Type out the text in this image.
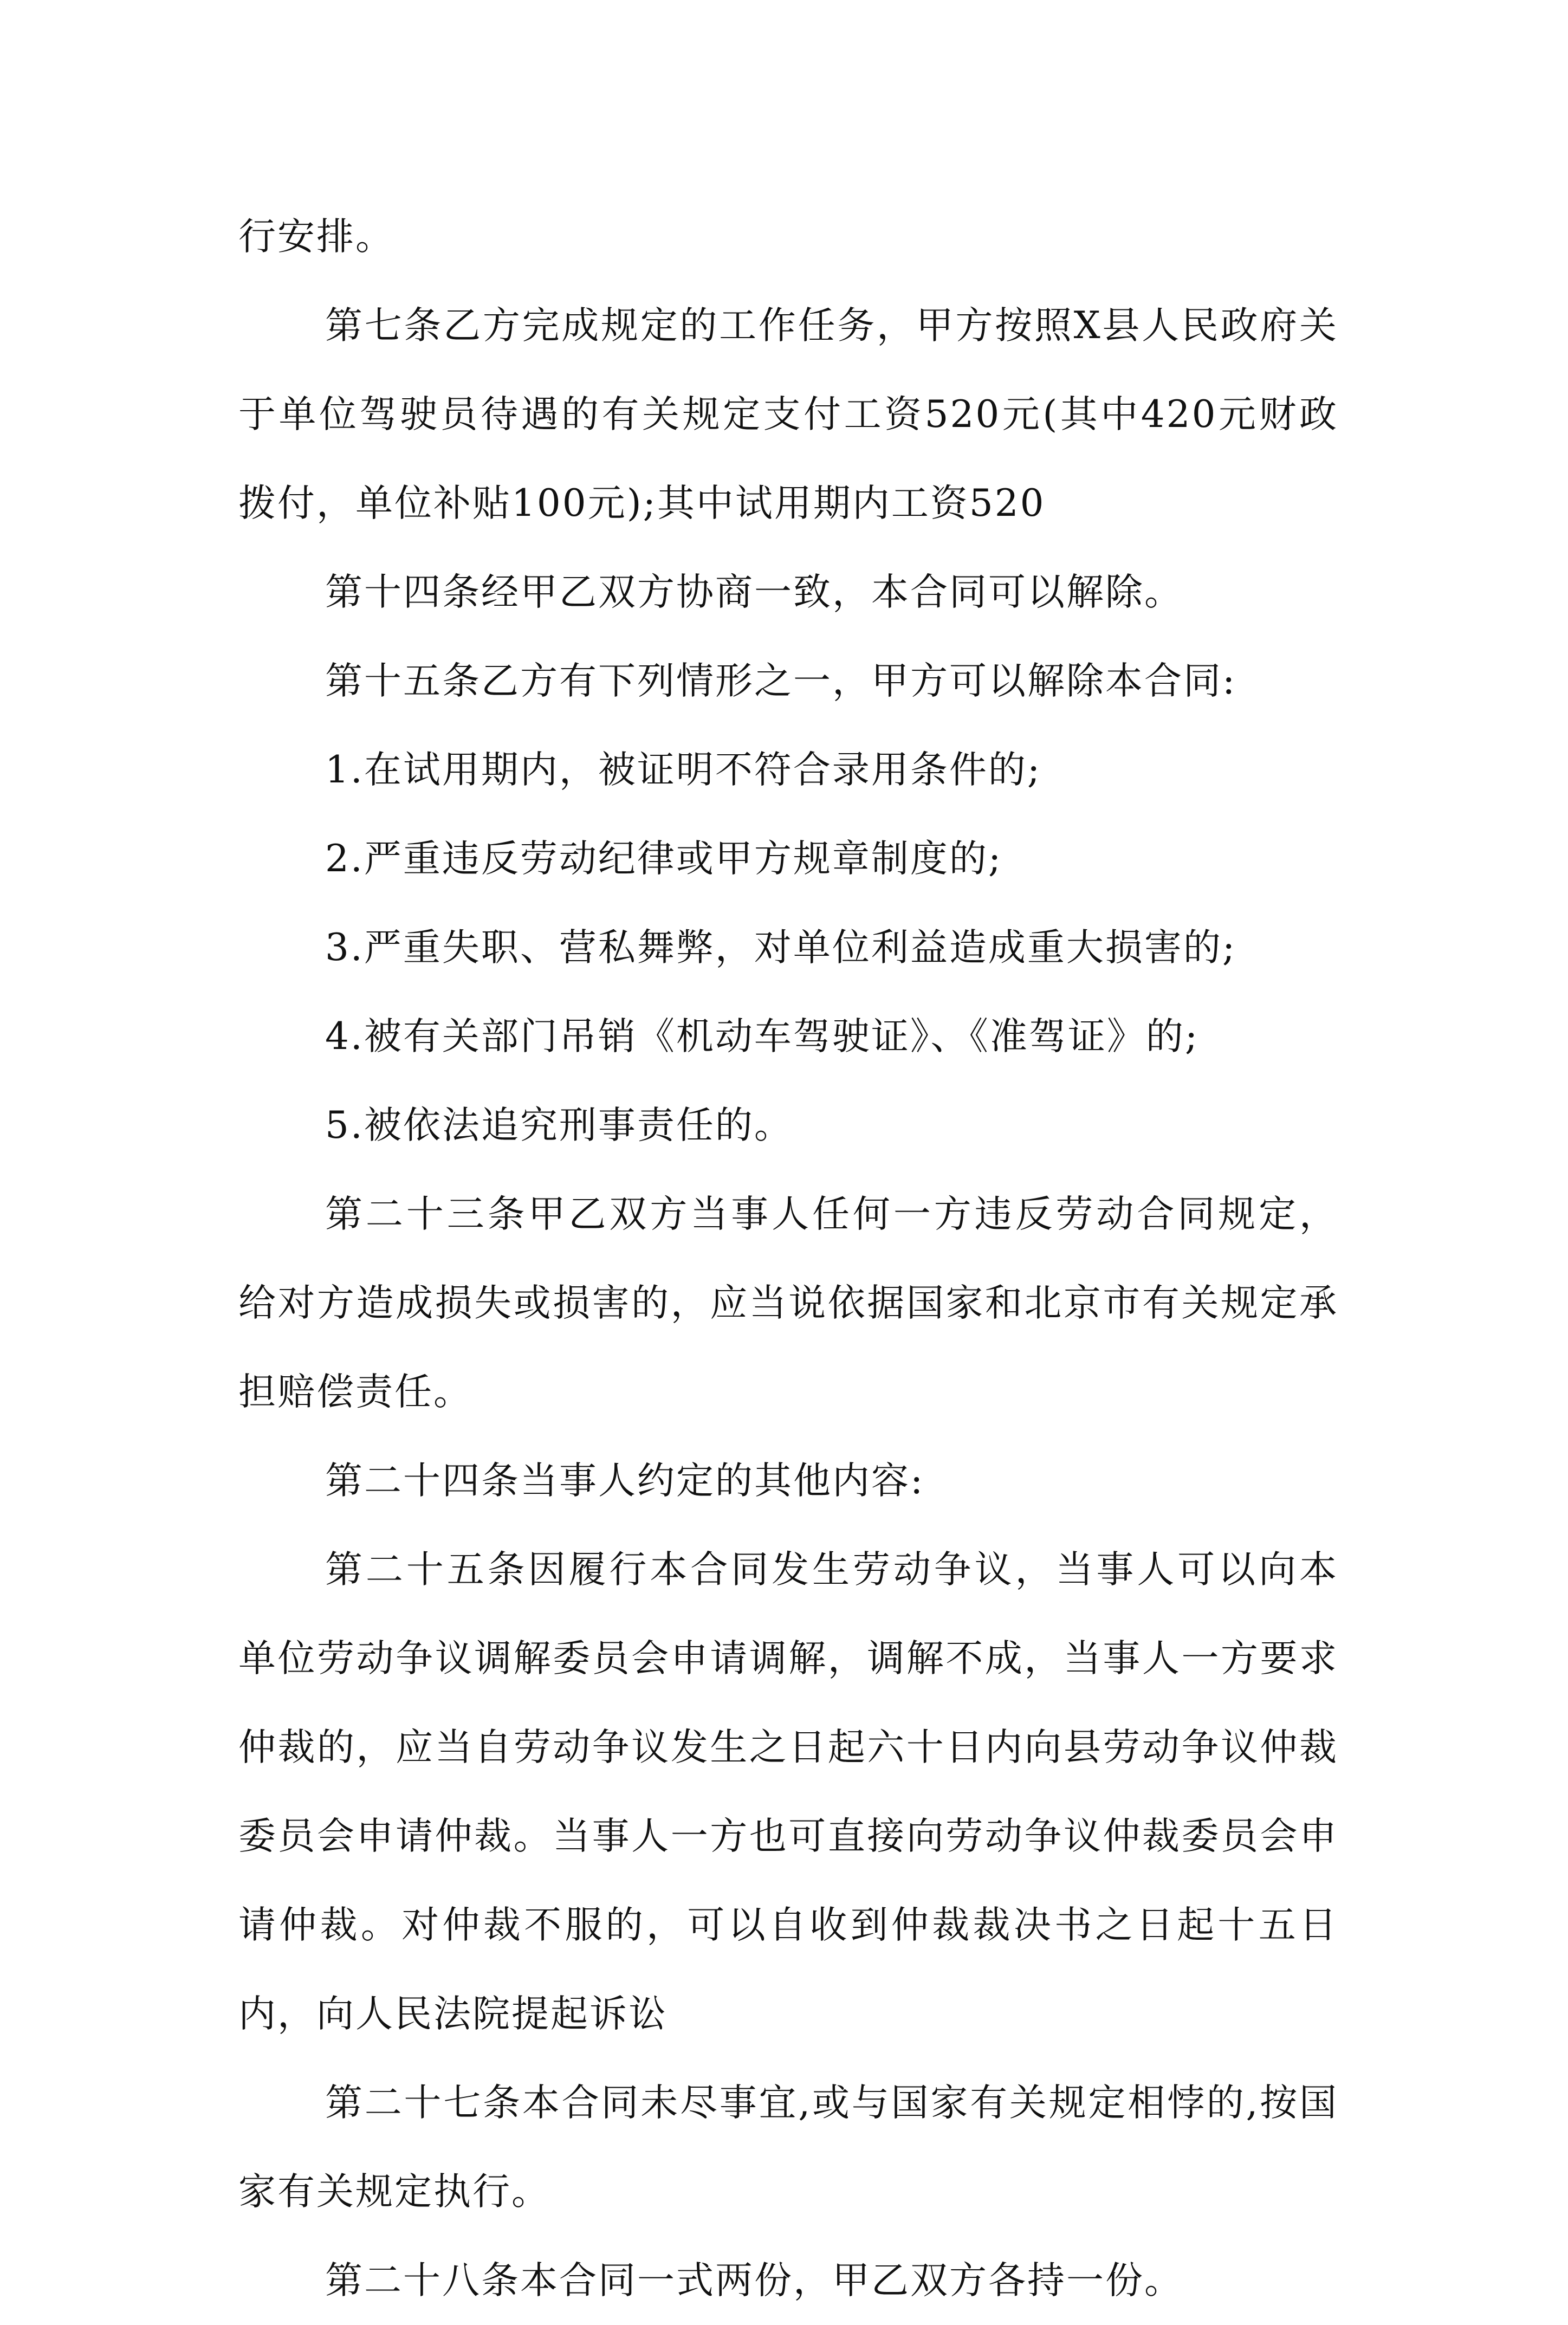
行安排。

第七条乙方完成规定的工作任务，甲方按照X县人民政府关于单位驾驶员待遇的有关规定支付工资520元(其中420元财政拨付，单位补贴100元);其中试用期内工资520

第十四条经甲乙双方协商一致，本合同可以解除。

第十五条乙方有下列情形之一，甲方可以解除本合同:

1.在试用期内，被证明不符合录用条件的;

2.严重违反劳动纪律或甲方规章制度的;

3.严重失职、营私舞弊，对单位利益造成重大损害的;

4.被有关部门吊销《机动车驾驶证》、《准驾证》的;

5.被依法追究刑事责任的。

第二十三条甲乙双方当事人任何一方违反劳动合同规定，给对方造成损失或损害的，应当说依据国家和北京市有关规定承担赔偿责任。

第二十四条当事人约定的其他内容:

第二十五条因履行本合同发生劳动争议，当事人可以向本单位劳动争议调解委员会申请调解，调解不成，当事人一方要求仲裁的，应当自劳动争议发生之日起六十日内向县劳动争议仲裁委员会申请仲裁。当事人一方也可直接向劳动争议仲裁委员会申请仲裁。对仲裁不服的，可以自收到仲裁裁决书之日起十五日内，向人民法院提起诉讼

第二十七条本合同未尽事宜,或与国家有关规定相悖的,按国家有关规定执行。

第二十八条本合同一式两份，甲乙双方各持一份。
